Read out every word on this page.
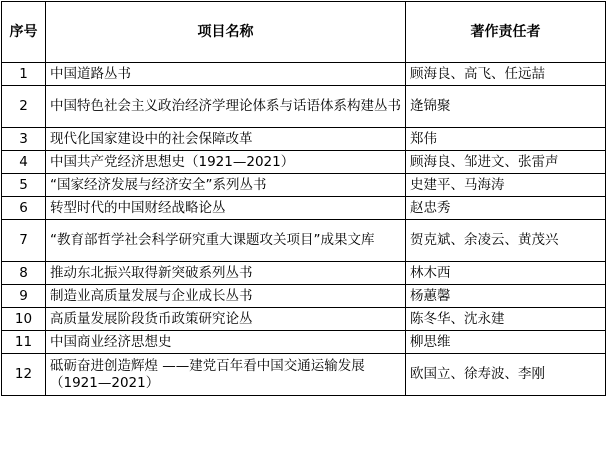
序号	项目名称	著作责任者
1	中国道路丛书	顾海良、高飞、任远喆
2	中国特色社会主义政治经济学理论体系与话语体系构建丛书	逄锦聚
3	现代化国家建设中的社会保障改革	郑伟
4	中国共产党经济思想史（1921—2021）	顾海良、邹进文、张雷声
5	“国家经济发展与经济安全”系列丛书	史建平、马海涛
6	转型时代的中国财经战略论丛	赵忠秀
7	“教育部哲学社会科学研究重大课题攻关项目”成果文库	贺克斌、余凌云、黄茂兴
8	推动东北振兴取得新突破系列丛书	林木西
9	制造业高质量发展与企业成长丛书	杨蕙馨
10	高质量发展阶段货币政策研究论丛	陈冬华、沈永建
11	中国商业经济思想史	柳思维
12	砥砺奋进创造辉煌 ——建党百年看中国交通运输发展（1921—2021）	欧国立、徐寿波、李刚
